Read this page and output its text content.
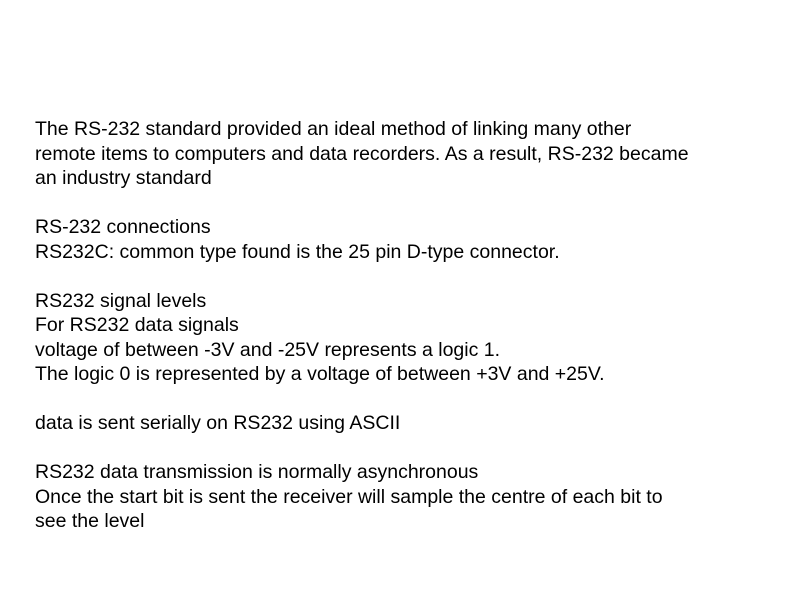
The RS-232 standard provided an ideal method of linking many other
remote items to computers and data recorders. As a result, RS-232 became
an industry standard
RS-232 connections
RS232C: common type found is the 25 pin D-type connector.
RS232 signal levels
For RS232 data signals
voltage of between -3V and -25V represents a logic 1.
The logic 0 is represented by a voltage of between +3V and +25V.
data is sent serially on RS232 using ASCII
RS232 data transmission is normally asynchronous
Once the start bit is sent the receiver will sample the centre of each bit to
see the level
